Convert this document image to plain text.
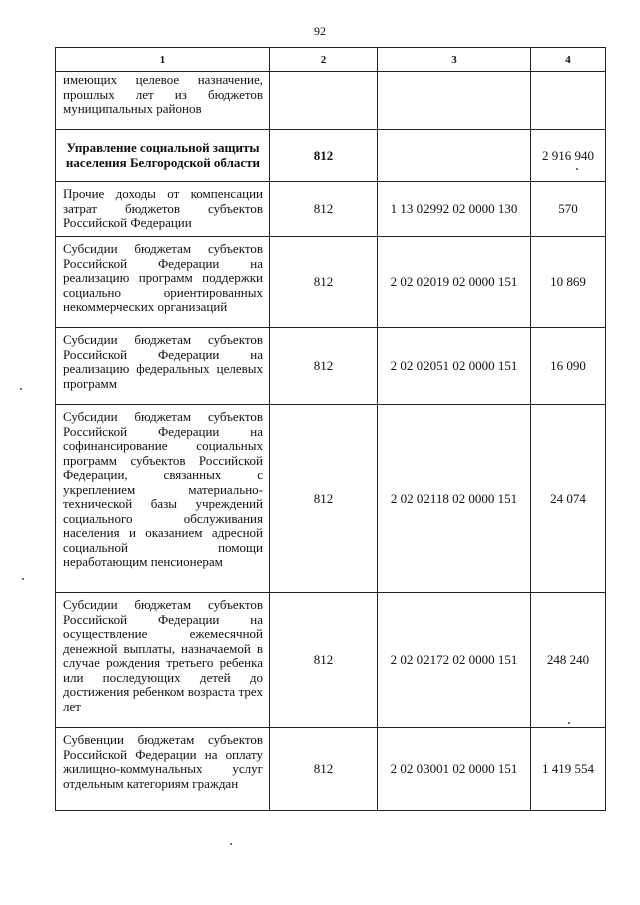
92
1	2	3	4
имеющих целевое назначение, прошлых лет из бюджетов муниципальных районов			
Управление социальной защиты населения Белгородской области	812		2 916 940
Прочие доходы от компенсации затрат бюджетов субъектов Российской Федерации	812	1 13 02992 02 0000 130	570
Субсидии бюджетам субъектов Российской Федерации на реализацию программ поддержки социально ориентированных некоммерческих организаций	812	2 02 02019 02 0000 151	10 869
Субсидии бюджетам субъектов Российской Федерации на реализацию федеральных целевых программ	812	2 02 02051 02 0000 151	16 090
Субсидии бюджетам субъектов Российской Федерации на софинансирование социальных программ субъектов Российской Федерации, связанных с укреплением материально-технической базы учреждений социального обслуживания населения и оказанием адресной социальной помощи неработающим пенсионерам	812	2 02 02118 02 0000 151	24 074
Субсидии бюджетам субъектов Российской Федерации на осуществление ежемесячной денежной выплаты, назначаемой в случае рождения третьего ребенка или последующих детей до достижения ребенком возраста трех лет	812	2 02 02172 02 0000 151	248 240
Субвенции бюджетам субъектов Российской Федерации на оплату жилищно-коммунальных услуг отдельным категориям граждан	812	2 02 03001 02 0000 151	1 419 554
